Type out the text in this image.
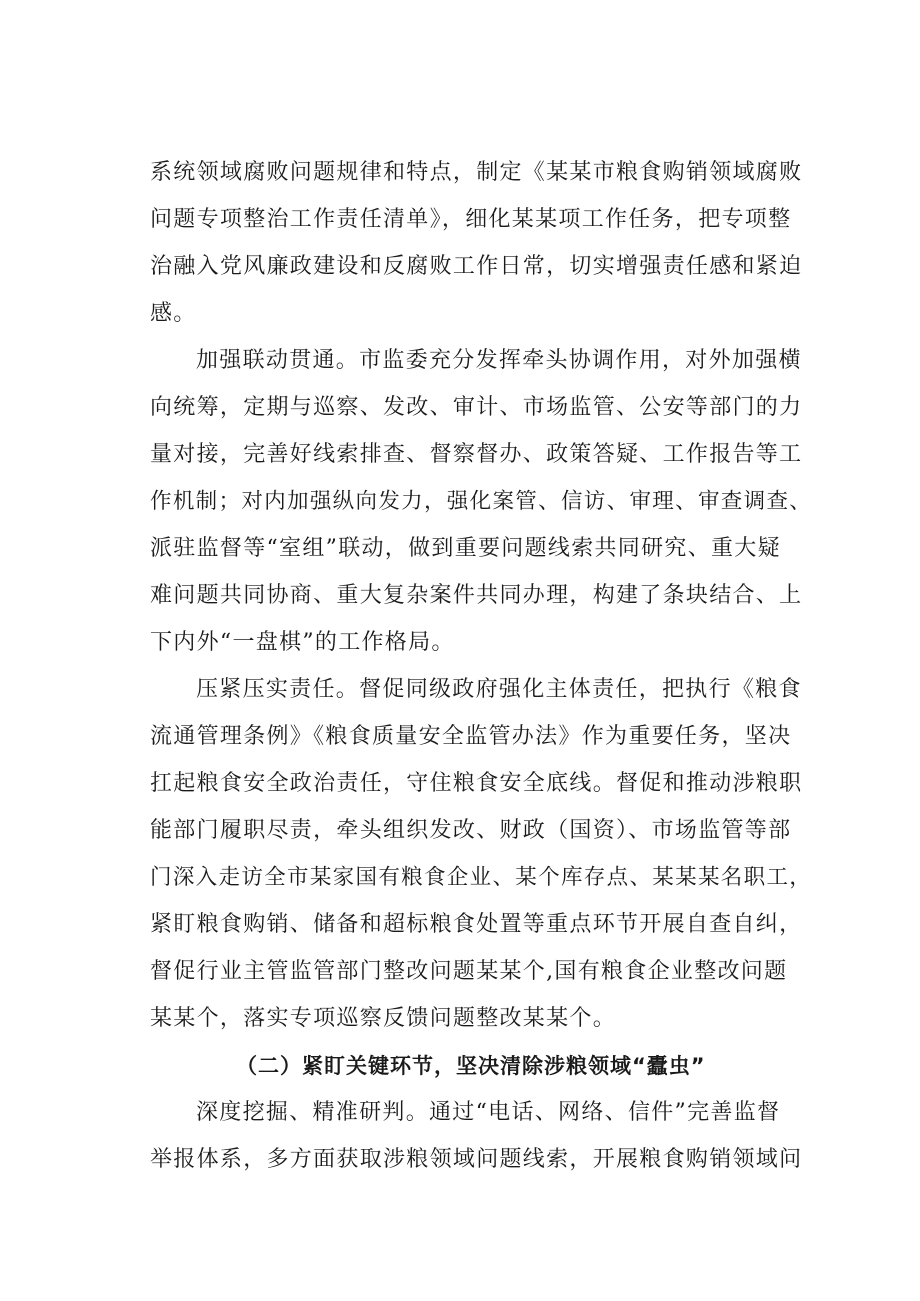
系统领域腐败问题规律和特点，制定《某某市粮食购销领域腐败
问题专项整治工作责任清单》，细化某某项工作任务，把专项整
治融入党风廉政建设和反腐败工作日常，切实增强责任感和紧迫
感。
加强联动贯通。市监委充分发挥牵头协调作用，对外加强横
向统筹，定期与巡察、发改、审计、市场监管、公安等部门的力
量对接，完善好线索排查、督察督办、政策答疑、工作报告等工
作机制；对内加强纵向发力，强化案管、信访、审理、审查调查、
派驻监督等“室组”联动，做到重要问题线索共同研究、重大疑
难问题共同协商、重大复杂案件共同办理，构建了条块结合、上
下内外“一盘棋”的工作格局。
压紧压实责任。督促同级政府强化主体责任，把执行《粮食
流通管理条例》《粮食质量安全监管办法》作为重要任务，坚决
扛起粮食安全政治责任，守住粮食安全底线。督促和推动涉粮职
能部门履职尽责，牵头组织发改、财政（国资）、市场监管等部
门深入走访全市某家国有粮食企业、某个库存点、某某某名职工，
紧盯粮食购销、储备和超标粮食处置等重点环节开展自查自纠，
督促行业主管监管部门整改问题某某个,国有粮食企业整改问题
某某个，落实专项巡察反馈问题整改某某个。
（二）紧盯关键环节，坚决清除涉粮领域“蠹虫”
深度挖掘、精准研判。通过“电话、网络、信件”完善监督
举报体系，多方面获取涉粮领域问题线索，开展粮食购销领域问
